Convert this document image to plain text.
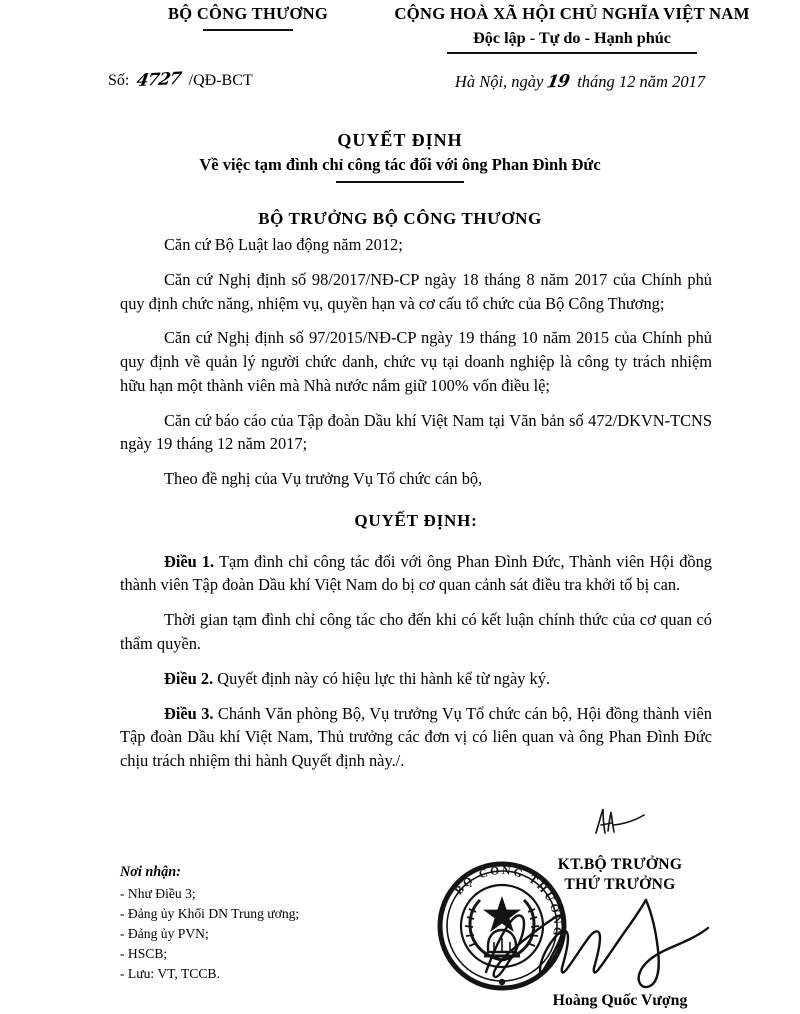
BỘ CÔNG THƯƠNG	CỘNG HOÀ XÃ HỘI CHỦ NGHĨA VIỆT NAM
Độc lập - Tự do - Hạnh phúc
Số: 4727 /QĐ-BCT	Hà Nội, ngày 19 tháng 12 năm 2017
QUYẾT ĐỊNH
Về việc tạm đình chỉ công tác đối với ông Phan Đình Đức
BỘ TRƯỞNG BỘ CÔNG THƯƠNG

Căn cứ Bộ Luật lao động năm 2012;

Căn cứ Nghị định số 98/2017/NĐ-CP ngày 18 tháng 8 năm 2017 của Chính phủ quy định chức năng, nhiệm vụ, quyền hạn và cơ cấu tổ chức của Bộ Công Thương;

Căn cứ Nghị định số 97/2015/NĐ-CP ngày 19 tháng 10 năm 2015 của Chính phủ quy định về quản lý người chức danh, chức vụ tại doanh nghiệp là công ty trách nhiệm hữu hạn một thành viên mà Nhà nước nắm giữ 100% vốn điều lệ;

Căn cứ báo cáo của Tập đoàn Dầu khí Việt Nam tại Văn bản số 472/DKVN-TCNS ngày 19 tháng 12 năm 2017;

Theo đề nghị của Vụ trưởng Vụ Tổ chức cán bộ,

QUYẾT ĐỊNH:

Điều 1. Tạm đình chỉ công tác đối với ông Phan Đình Đức, Thành viên Hội đồng thành viên Tập đoàn Dầu khí Việt Nam do bị cơ quan cảnh sát điều tra khởi tố bị can.

Thời gian tạm đình chỉ công tác cho đến khi có kết luận chính thức của cơ quan có thẩm quyền.

Điều 2. Quyết định này có hiệu lực thi hành kể từ ngày ký.

Điều 3. Chánh Văn phòng Bộ, Vụ trưởng Vụ Tổ chức cán bộ, Hội đồng thành viên Tập đoàn Dầu khí Việt Nam, Thủ trưởng các đơn vị có liên quan và ông Phan Đình Đức chịu trách nhiệm thi hành Quyết định này./.

Nơi nhận:
- Như Điều 3;
- Đảng ủy Khối DN Trung ương;
- Đảng ủy PVN;
- HSCB;
- Lưu: VT, TCCB.
KT.BỘ TRƯỞNG
THỨ TRƯỞNG
Hoàng Quốc Vượng
BỘ CÔNG THƯƠNG
